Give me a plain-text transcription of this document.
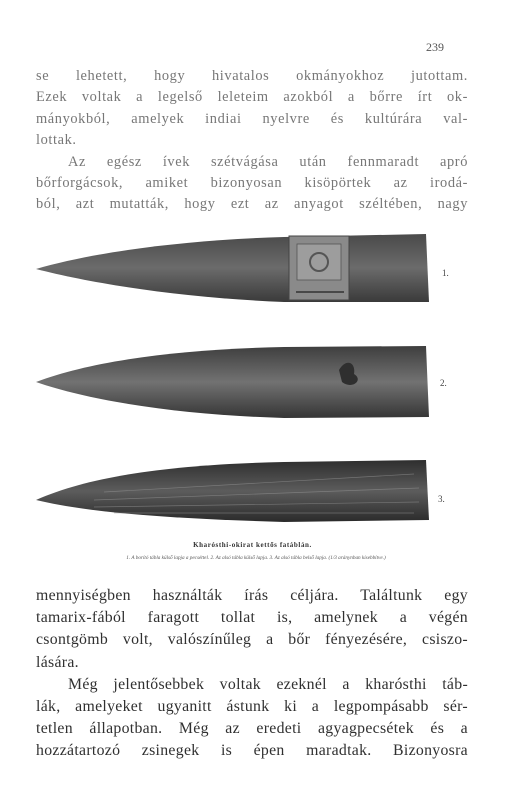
239
se lehetett, hogy hivatalos okmányokhoz jutottam.
Ezek voltak a legelső leleteim azokból a bőrre írt ok-
mányokból, amelyek indiai nyelvre és kultúrára val-
lottak.
Az egész ívek szétvágása után fennmaradt apró
bőrforgácsok, amiket bizonyosan kisöpörtek az irodá-
ból, azt mutatták, hogy ezt az anyagot széltében, nagy
1.
2.
3.
Kharósthi-okirat kettős fatáblán.
1. A borító tábla külső lapja a pecséttel. 2. Az alsó tábla külső lapja. 3. Az alsó tábla belső lapja. (1/3 aránynban kisebbítve.)
mennyiségben használták írás céljára. Találtunk egy
tamarix-fából faragott tollat is, amelynek a végén
csontgömb volt, valószínűleg a bőr fényezésére, csiszo-
lására.
Még jelentősebbek voltak ezeknél a kharósthi táb-
lák, amelyeket ugyanitt ástunk ki a legpompásabb sér-
tetlen állapotban. Még az eredeti agyagpecsétek és a
hozzátartozó zsinegek is épen maradtak. Bizonyosra
